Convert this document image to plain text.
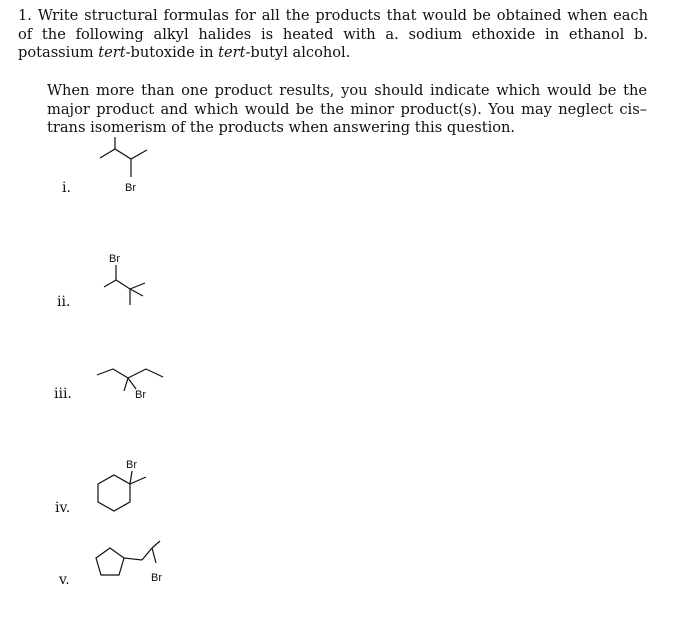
1. Write structural formulas for all the products that would be obtained when each of the following alkyl halides is heated with a. sodium ethoxide in ethanol b. potassium tert-butoxide in tert-butyl alcohol.
When more than one product results, you should indicate which would be the major product and which would be the minor product(s). You may neglect cis–trans isomerism of the products when answering this question.
i.
ii.
iii.
iv.
v.
Br
Br
Br
Br
Br
